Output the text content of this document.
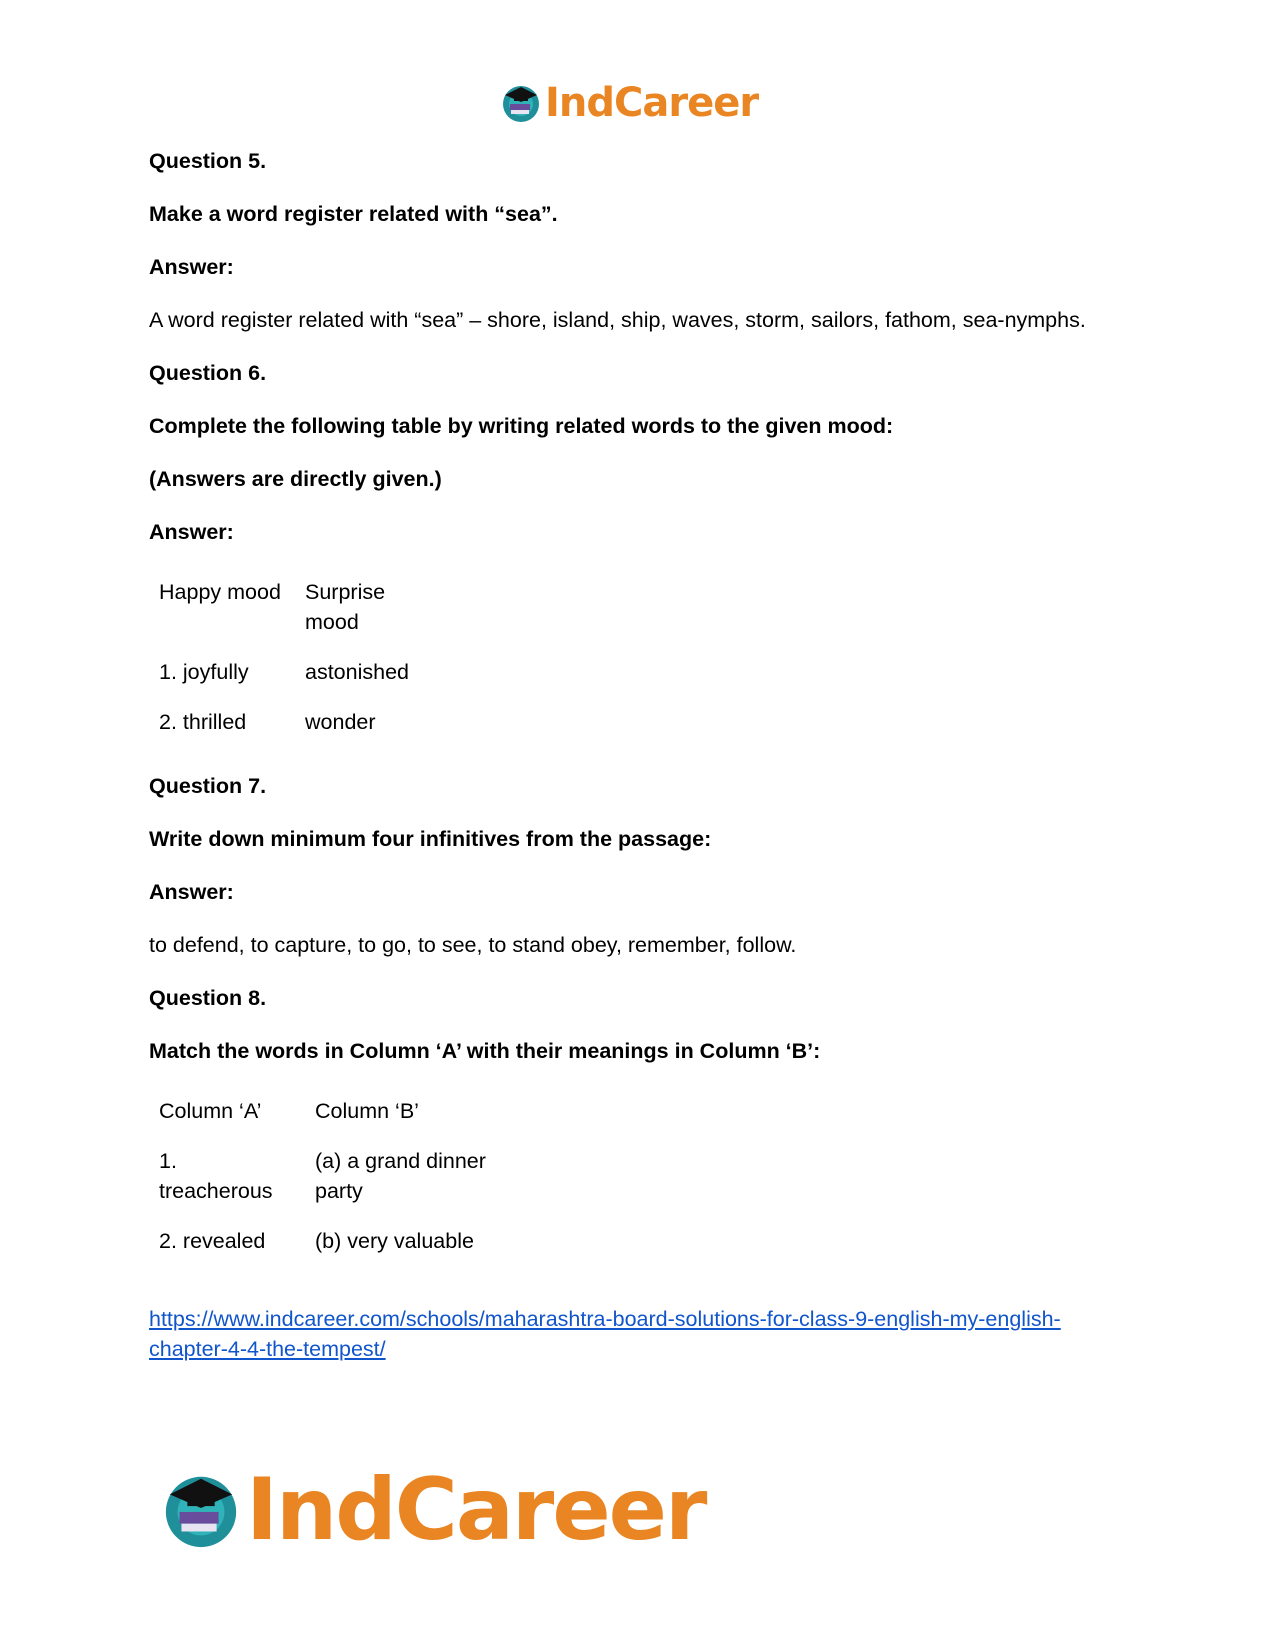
IndCareer

Question 5.

Make a word register related with “sea”.

Answer:

A word register related with “sea” – shore, island, ship, waves, storm, sailors, fathom, sea-nymphs.

Question 6.

Complete the following table by writing related words to the given mood:

(Answers are directly given.)

Answer:

Happy mood	Surprise mood
1. joyfully	astonished
2. thrilled	wonder

Question 7.

Write down minimum four infinitives from the passage:

Answer:

to defend, to capture, to go, to see, to stand obey, remember, follow.

Question 8.

Match the words in Column ‘A’ with their meanings in Column ‘B’:

Column ‘A’	Column ‘B’
1. treacherous	(a) a grand dinner party
2. revealed	(b) very valuable

https://www.indcareer.com/schools/maharashtra-board-solutions-for-class-9-english-my-english-chapter-4-4-the-tempest/

IndCareer
